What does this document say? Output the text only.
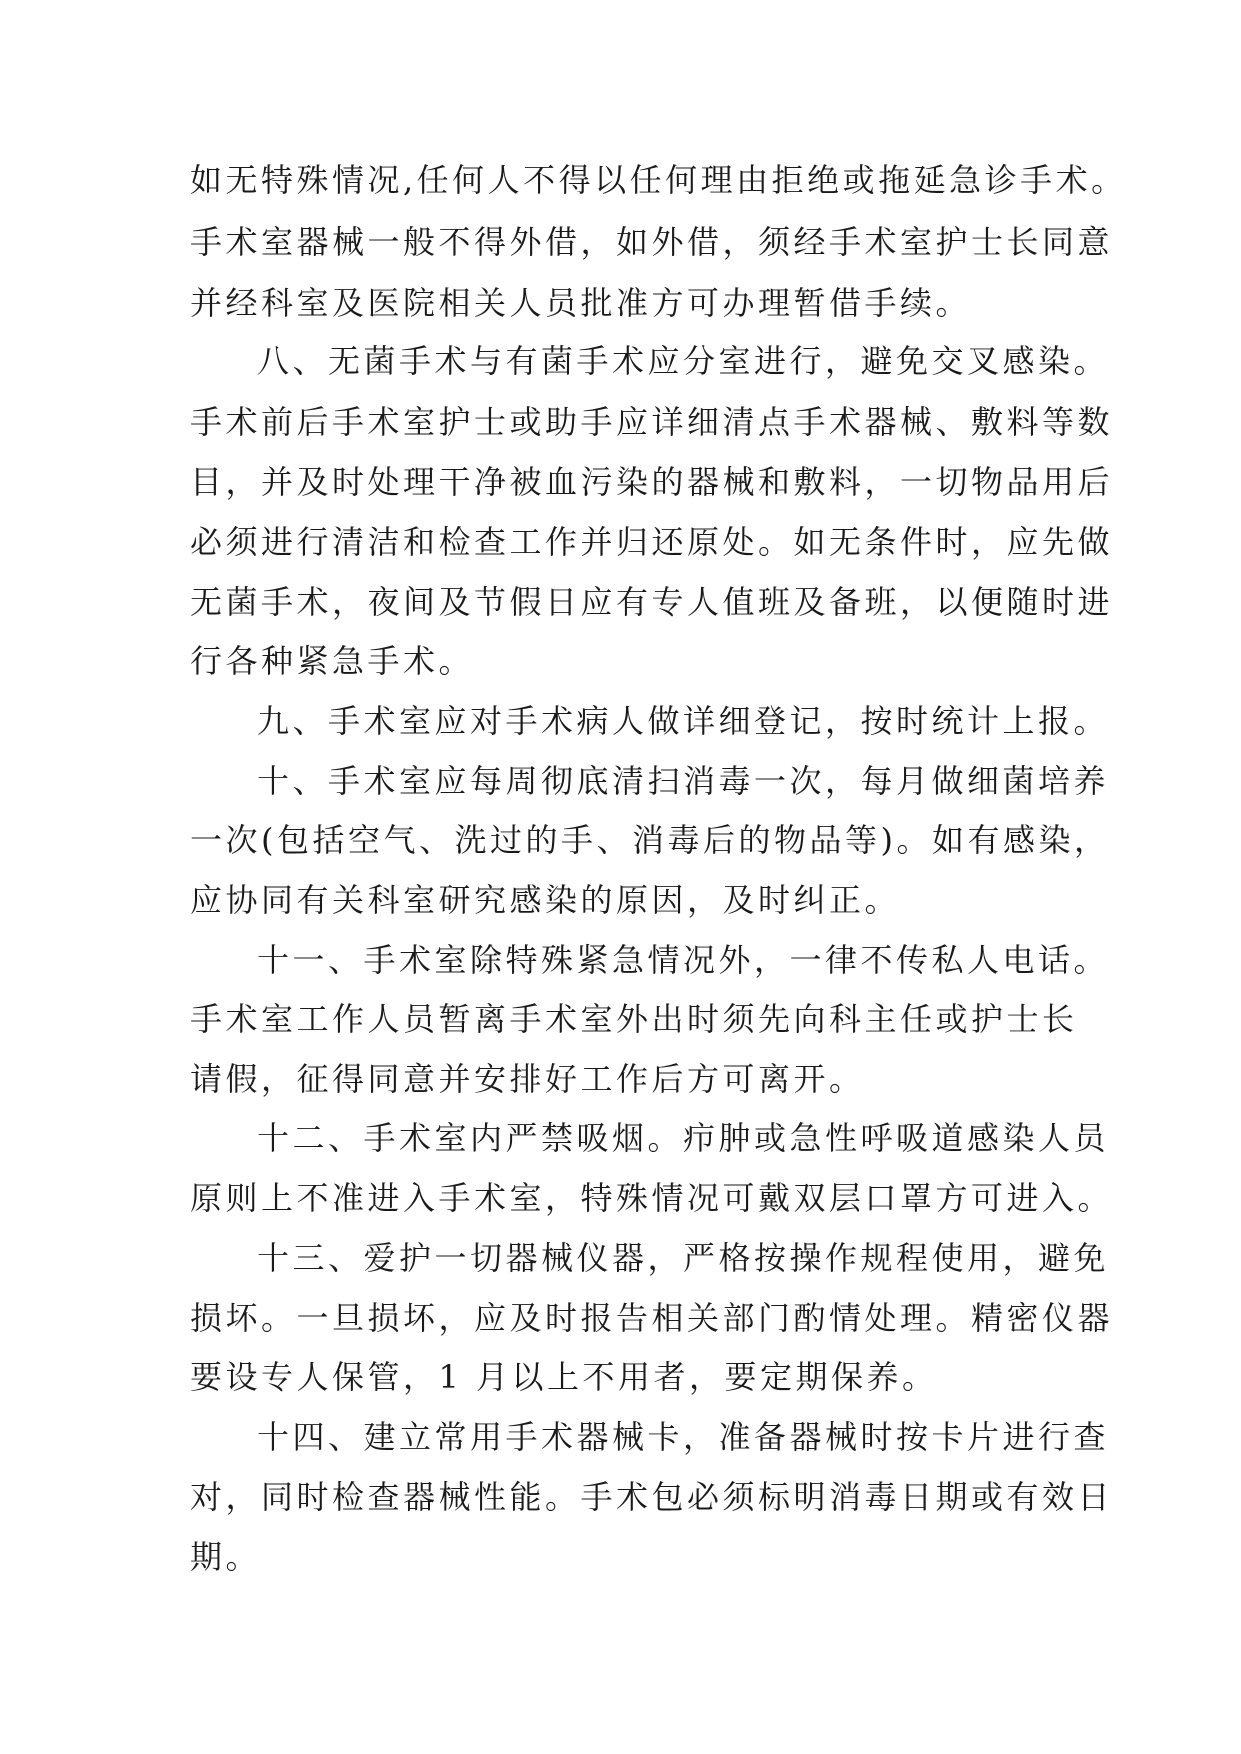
如无特殊情况,任何人不得以任何理由拒绝或拖延急诊手术。
手术室器械一般不得外借，如外借，须经手术室护士长同意
并经科室及医院相关人员批准方可办理暂借手续。
八、无菌手术与有菌手术应分室进行，避免交叉感染。
手术前后手术室护士或助手应详细清点手术器械、敷料等数
目，并及时处理干净被血污染的器械和敷料，一切物品用后
必须进行清洁和检查工作并归还原处。如无条件时，应先做
无菌手术，夜间及节假日应有专人值班及备班，以便随时进
行各种紧急手术。
九、手术室应对手术病人做详细登记，按时统计上报。
十、手术室应每周彻底清扫消毒一次，每月做细菌培养
一次(包括空气、洗过的手、消毒后的物品等)。如有感染，
应协同有关科室研究感染的原因，及时纠正。
十一、手术室除特殊紧急情况外，一律不传私人电话。
手术室工作人员暂离手术室外出时须先向科主任或护士长
请假，征得同意并安排好工作后方可离开。
十二、手术室内严禁吸烟。疖肿或急性呼吸道感染人员
原则上不准进入手术室，特殊情况可戴双层口罩方可进入。
十三、爱护一切器械仪器，严格按操作规程使用，避免
损坏。一旦损坏，应及时报告相关部门酌情处理。精密仪器
要设专人保管，1 月以上不用者，要定期保养。
十四、建立常用手术器械卡，准备器械时按卡片进行查
对，同时检查器械性能。手术包必须标明消毒日期或有效日
期。
